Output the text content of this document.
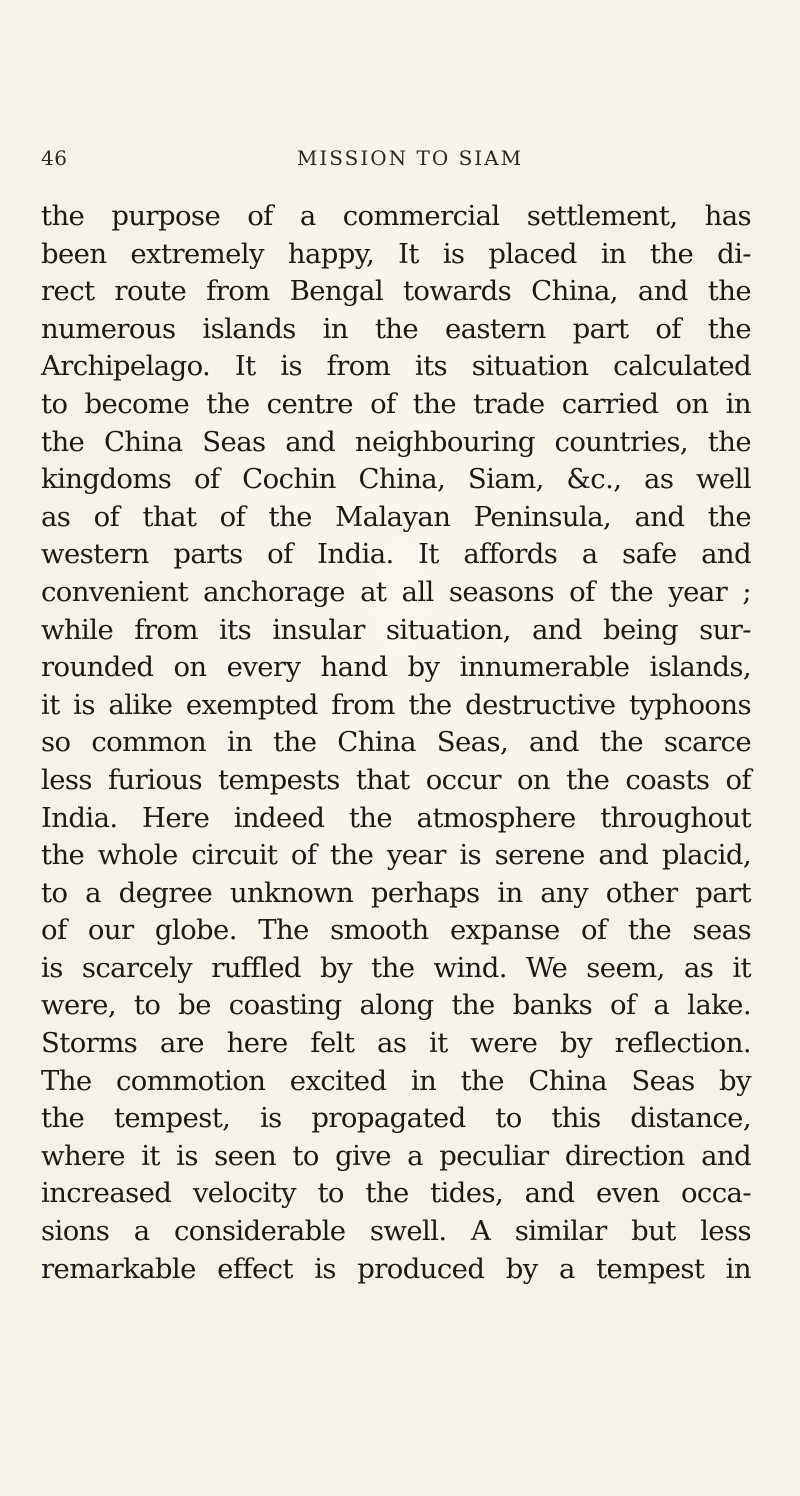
46	MISSION TO SIAM
the purpose of a commercial settlement, has
been extremely happy, It is placed in the di-
rect route from Bengal towards China, and the
numerous islands in the eastern part of the
Archipelago. It is from its situation calculated
to become the centre of the trade carried on in
the China Seas and neighbouring countries, the
kingdoms of Cochin China, Siam, &c., as well
as of that of the Malayan Peninsula, and the
western parts of India. It affords a safe and
convenient anchorage at all seasons of the year ;
while from its insular situation, and being sur-
rounded on every hand by innumerable islands,
it is alike exempted from the destructive typhoons
so common in the China Seas, and the scarce
less furious tempests that occur on the coasts of
India. Here indeed the atmosphere throughout
the whole circuit of the year is serene and placid,
to a degree unknown perhaps in any other part
of our globe. The smooth expanse of the seas
is scarcely ruffled by the wind. We seem, as it
were, to be coasting along the banks of a lake.
Storms are here felt as it were by reflection.
The commotion excited in the China Seas by
the tempest, is propagated to this distance,
where it is seen to give a peculiar direction and
increased velocity to the tides, and even occa-
sions a considerable swell. A similar but less
remarkable effect is produced by a tempest in
